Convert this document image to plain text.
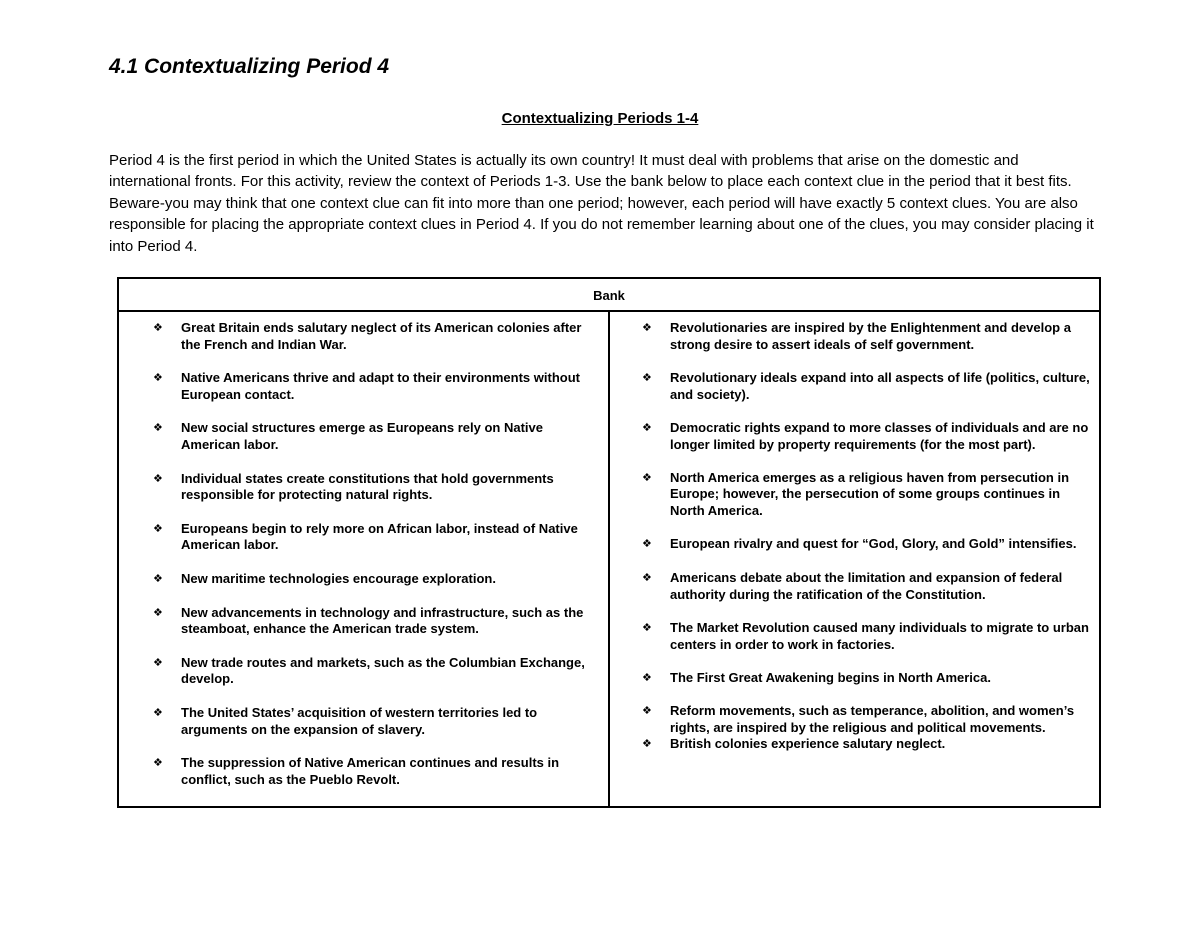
4.1 Contextualizing Period 4
Contextualizing Periods 1-4

Period 4 is the first period in which the United States is actually its own country! It must deal with problems that arise on the domestic and international fronts. For this activity, review the context of Periods 1-3. Use the bank below to place each context clue in the period that it best fits. Beware-you may think that one context clue can fit into more than one period; however, each period will have exactly 5 context clues. You are also responsible for placing the appropriate context clues in Period 4. If you do not remember learning about one of the clues, you may consider placing it into Period 4.

Bank
❖ Great Britain ends salutary neglect of its American colonies after the French and Indian War.
❖ Native Americans thrive and adapt to their environments without European contact.
❖ New social structures emerge as Europeans rely on Native American labor.
❖ Individual states create constitutions that hold governments responsible for protecting natural rights.
❖ Europeans begin to rely more on African labor, instead of Native American labor.
❖ New maritime technologies encourage exploration.
❖ New advancements in technology and infrastructure, such as the steamboat, enhance the American trade system.
❖ New trade routes and markets, such as the Columbian Exchange, develop.
❖ The United States’ acquisition of western territories led to arguments on the expansion of slavery.
❖ The suppression of Native American continues and results in conflict, such as the Pueblo Revolt.
❖ Revolutionaries are inspired by the Enlightenment and develop a strong desire to assert ideals of self government.
❖ Revolutionary ideals expand into all aspects of life (politics, culture, and society).
❖ Democratic rights expand to more classes of individuals and are no longer limited by property requirements (for the most part).
❖ North America emerges as a religious haven from persecution in Europe; however, the persecution of some groups continues in North America.
❖ European rivalry and quest for “God, Glory, and Gold” intensifies.
❖ Americans debate about the limitation and expansion of federal authority during the ratification of the Constitution.
❖ The Market Revolution caused many individuals to migrate to urban centers in order to work in factories.
❖ The First Great Awakening begins in North America.
❖ Reform movements, such as temperance, abolition, and women’s rights, are inspired by the religious and political movements.
❖ British colonies experience salutary neglect.
